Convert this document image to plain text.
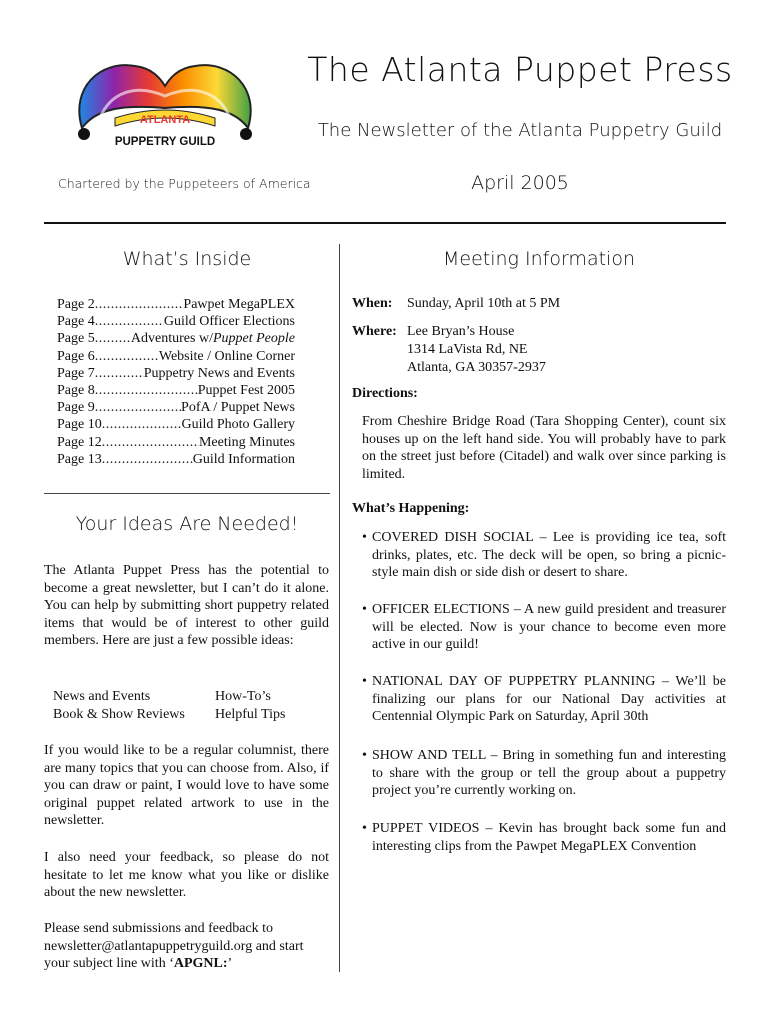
ATLANTA
PUPPETRY GUILD
Chartered by the Puppeteers of America
The Atlanta Puppet Press
The Newsletter of the Atlanta Puppetry Guild
April 2005
What’s Inside
Page 2 .....	Pawpet MegaPLEX
Page 4 .....	Guild Officer Elections
Page 5 .....	Adventures w/Puppet People
Page 6 .....	Website / Online Corner
Page 7 .....	Puppetry News and Events
Page 8 .....	Puppet Fest 2005
Page 9 .....	PofA / Puppet News
Page 10 .....	Guild Photo Gallery
Page 12 .....	Meeting Minutes
Page 13 .....	Guild Information
Your Ideas Are Needed!
The Atlanta Puppet Press has the potential to become a great newsletter, but I can’t do it alone. You can help by submitting short puppetry related items that would be of interest to other guild members. Here are just a few possible ideas:
News and Events	How-To’s
Book & Show Reviews	Helpful Tips
If you would like to be a regular columnist, there are many topics that you can choose from. Also, if you can draw or paint, I would love to have some original puppet related artwork to use in the newsletter.
I also need your feedback, so please do not hesitate to let me know what you like or dislike about the new newsletter.
Please send submissions and feedback to newsletter@atlantapuppetryguild.org and start your subject line with ‘APGNL:’
Meeting Information
When: Sunday, April 10th at 5 PM
Where: Lee Bryan’s House
1314 LaVista Rd, NE
Atlanta, GA 30357-2937
Directions:
From Cheshire Bridge Road (Tara Shopping Center), count six houses up on the left hand side. You will probably have to park on the street just before (Citadel) and walk over since parking is limited.
What’s Happening:
• COVERED DISH SOCIAL – Lee is providing ice tea, soft drinks, plates, etc. The deck will be open, so bring a picnic-style main dish or side dish or desert to share.
• OFFICER ELECTIONS – A new guild president and treasurer will be elected. Now is your chance to become even more active in our guild!
• NATIONAL DAY OF PUPPETRY PLANNING – We’ll be finalizing our plans for our National Day activities at Centennial Olympic Park on Saturday, April 30th
• SHOW AND TELL – Bring in something fun and interesting to share with the group or tell the group about a puppetry project you’re currently working on.
• PUPPET VIDEOS – Kevin has brought back some fun and interesting clips from the Pawpet MegaPLEX Convention
